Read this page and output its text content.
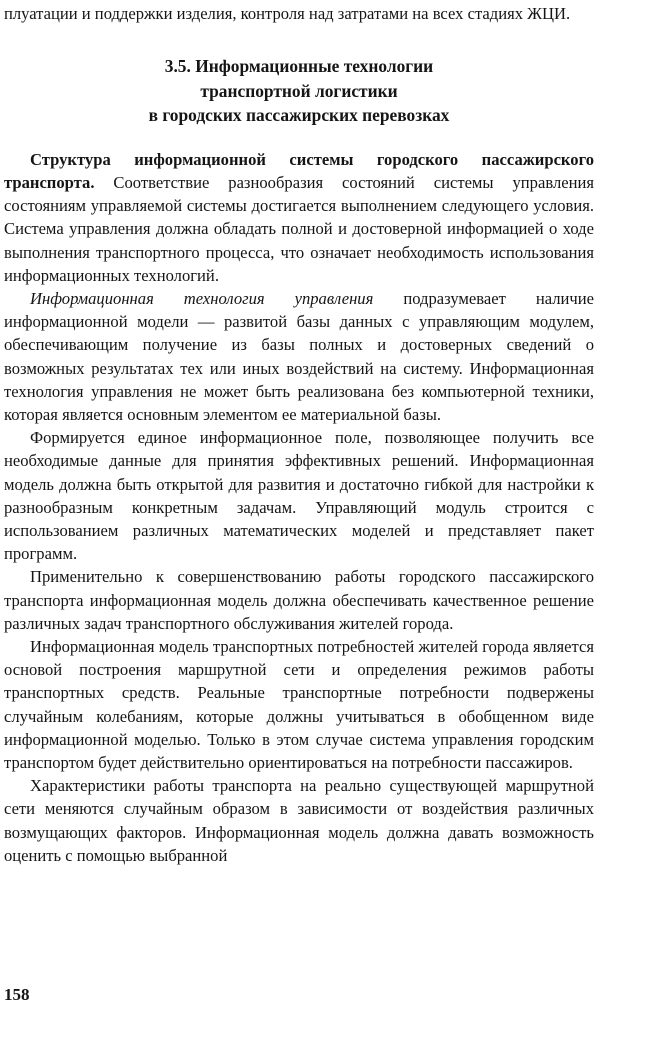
плуатации и поддержки изделия, контроля над затратами на всех стадиях ЖЦИ.

3.5. Информационные технологии
транспортной логистики
в городских пассажирских перевозках

Структура информационной системы городского пассажирского транспорта. Соответствие разнообразия состояний системы управления состояниям управляемой системы достигается выполнением следующего условия. Система управления должна обладать полной и достоверной информацией о ходе выполнения транспортного процесса, что означает необходимость использования информационных технологий.

Информационная технология управления подразумевает наличие информационной модели — развитой базы данных с управляющим модулем, обеспечивающим получение из базы полных и достоверных сведений о возможных результатах тех или иных воздействий на систему. Информационная технология управления не может быть реализована без компьютерной техники, которая является основным элементом ее материальной базы.

Формируется единое информационное поле, позволяющее получить все необходимые данные для принятия эффективных решений. Информационная модель должна быть открытой для развития и достаточно гибкой для настройки к разнообразным конкретным задачам. Управляющий модуль строится с использованием различных математических моделей и представляет пакет программ.

Применительно к совершенствованию работы городского пассажирского транспорта информационная модель должна обеспечивать качественное решение различных задач транспортного обслуживания жителей города.

Информационная модель транспортных потребностей жителей города является основой построения маршрутной сети и определения режимов работы транспортных средств. Реальные транспортные потребности подвержены случайным колебаниям, которые должны учитываться в обобщенном виде информационной моделью. Только в этом случае система управления городским транспортом будет действительно ориентироваться на потребности пассажиров.

Характеристики работы транспорта на реально существующей маршрутной сети меняются случайным образом в зависимости от воздействия различных возмущающих факторов. Информационная модель должна давать возможность оценить с помощью выбранной

158
